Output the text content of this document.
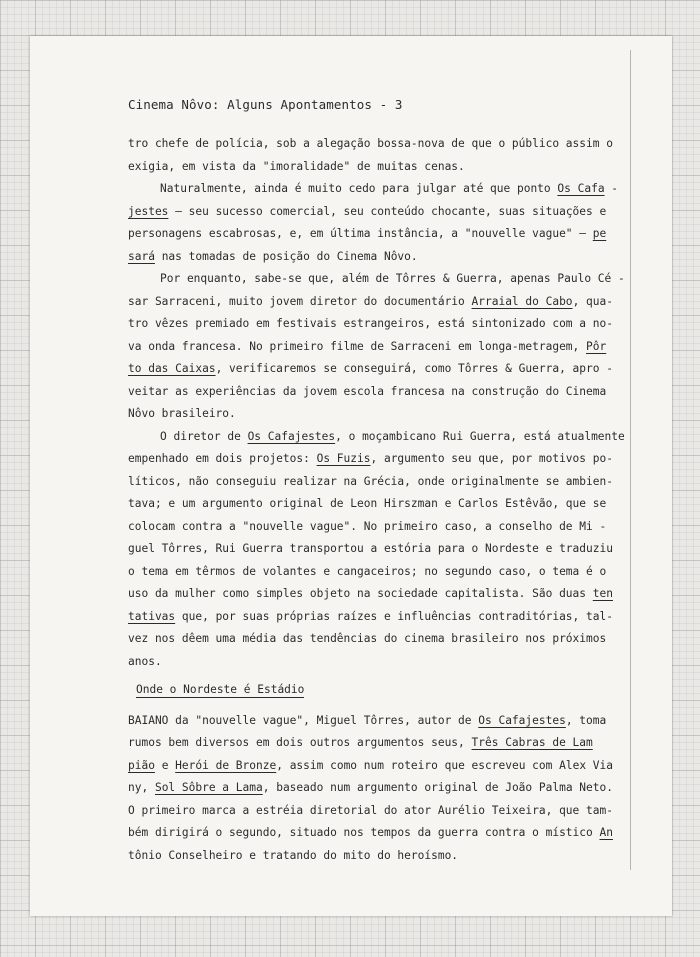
Cinema Nôvo: Alguns Apontamentos - 3
tro chefe de polícia, sob a alegação bossa-nova de que o público assim o
exigia, em vista da "imoralidade" de muitas cenas.
Naturalmente, ainda é muito cedo para julgar até que ponto Os Cafa -
jestes — seu sucesso comercial, seu conteúdo chocante, suas situações e
personagens escabrosas, e, em última instância, a "nouvelle vague" — pe
sará nas tomadas de posição do Cinema Nôvo.
Por enquanto, sabe-se que, além de Tôrres & Guerra, apenas Paulo Cé -
sar Sarraceni, muito jovem diretor do documentário Arraial do Cabo, qua-
tro vêzes premiado em festivais estrangeiros, está sintonizado com a no-
va onda francesa. No primeiro filme de Sarraceni em longa-metragem, Pôr
to das Caixas, verificaremos se conseguirá, como Tôrres & Guerra, apro -
veitar as experiências da jovem escola francesa na construção do Cinema
Nôvo brasileiro.
O diretor de Os Cafajestes, o moçambicano Rui Guerra, está atualmente
empenhado em dois projetos: Os Fuzis, argumento seu que, por motivos po-
líticos, não conseguiu realizar na Grécia, onde originalmente se ambien-
tava; e um argumento original de Leon Hirszman e Carlos Estêvão, que se
colocam contra a "nouvelle vague". No primeiro caso, a conselho de Mi -
guel Tôrres, Rui Guerra transportou a estória para o Nordeste e traduziu
o tema em têrmos de volantes e cangaceiros; no segundo caso, o tema é o
uso da mulher como simples objeto na sociedade capitalista. São duas ten
tativas que, por suas próprias raízes e influências contraditórias, tal-
vez nos dêem uma média das tendências do cinema brasileiro nos próximos
anos.
Onde o Nordeste é Estádio
BAIANO da "nouvelle vague", Miguel Tôrres, autor de Os Cafajestes, toma
rumos bem diversos em dois outros argumentos seus, Três Cabras de Lam
pião e Herói de Bronze, assim como num roteiro que escreveu com Alex Via
ny, Sol Sôbre a Lama, baseado num argumento original de João Palma Neto.
O primeiro marca a estréia diretorial do ator Aurélio Teixeira, que tam-
bém dirigirá o segundo, situado nos tempos da guerra contra o místico An
tônio Conselheiro e tratando do mito do heroísmo.
